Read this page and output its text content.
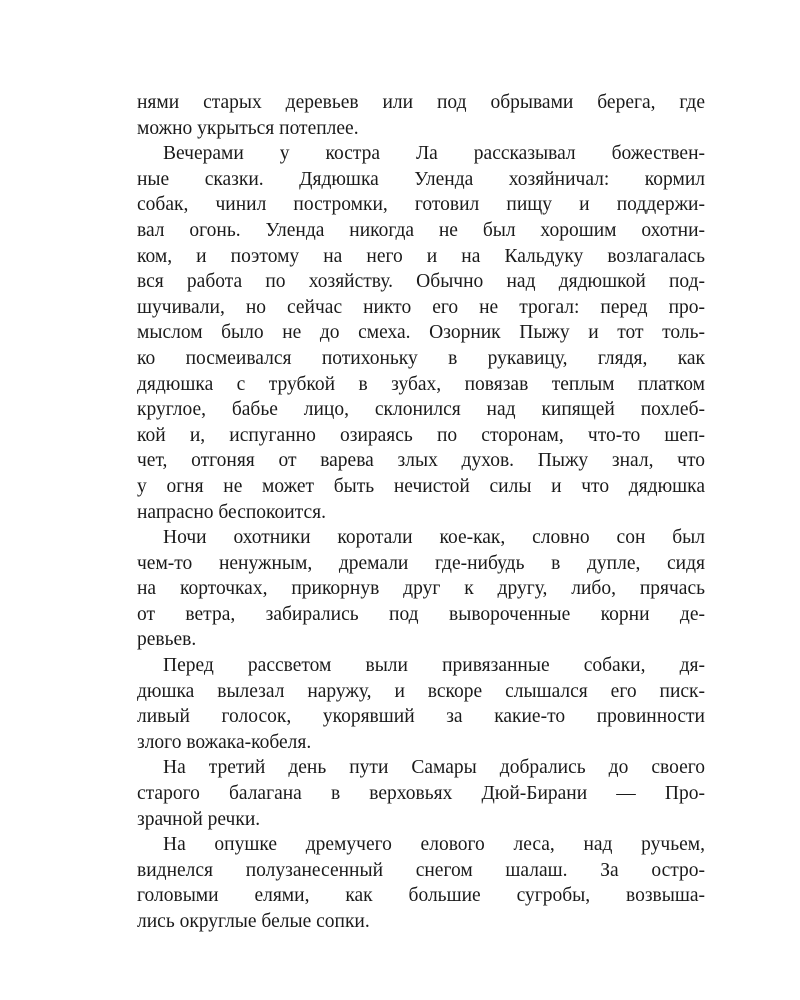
нями старых деревьев или под обрывами берега, где
можно укрыться потеплее.
Вечерами у костра Ла рассказывал божествен-
ные сказки. Дядюшка Уленда хозяйничал: кормил
собак, чинил постромки, готовил пищу и поддержи-
вал огонь. Уленда никогда не был хорошим охотни-
ком, и поэтому на него и на Кальдуку возлагалась
вся работа по хозяйству. Обычно над дядюшкой под-
шучивали, но сейчас никто его не трогал: перед про-
мыслом было не до смеха. Озорник Пыжу и тот толь-
ко посмеивался потихоньку в рукавицу, глядя, как
дядюшка с трубкой в зубах, повязав теплым платком
круглое, бабье лицо, склонился над кипящей похлеб-
кой и, испуганно озираясь по сторонам, что-то шеп-
чет, отгоняя от варева злых духов. Пыжу знал, что
у огня не может быть нечистой силы и что дядюшка
напрасно беспокоится.
Ночи охотники коротали кое-как, словно сон был
чем-то ненужным, дремали где-нибудь в дупле, сидя
на корточках, прикорнув друг к другу, либо, прячась
от ветра, забирались под вывороченные корни де-
ревьев.
Перед рассветом выли привязанные собаки, дя-
дюшка вылезал наружу, и вскоре слышался его писк-
ливый голосок, укорявший за какие-то провинности
злого вожака-кобеля.
На третий день пути Самары добрались до своего
старого балагана в верховьях Дюй-Бирани — Про-
зрачной речки.
На опушке дремучего елового леса, над ручьем,
виднелся полузанесенный снегом шалаш. За остро-
головыми елями, как большие сугробы, возвыша-
лись округлые белые сопки.
